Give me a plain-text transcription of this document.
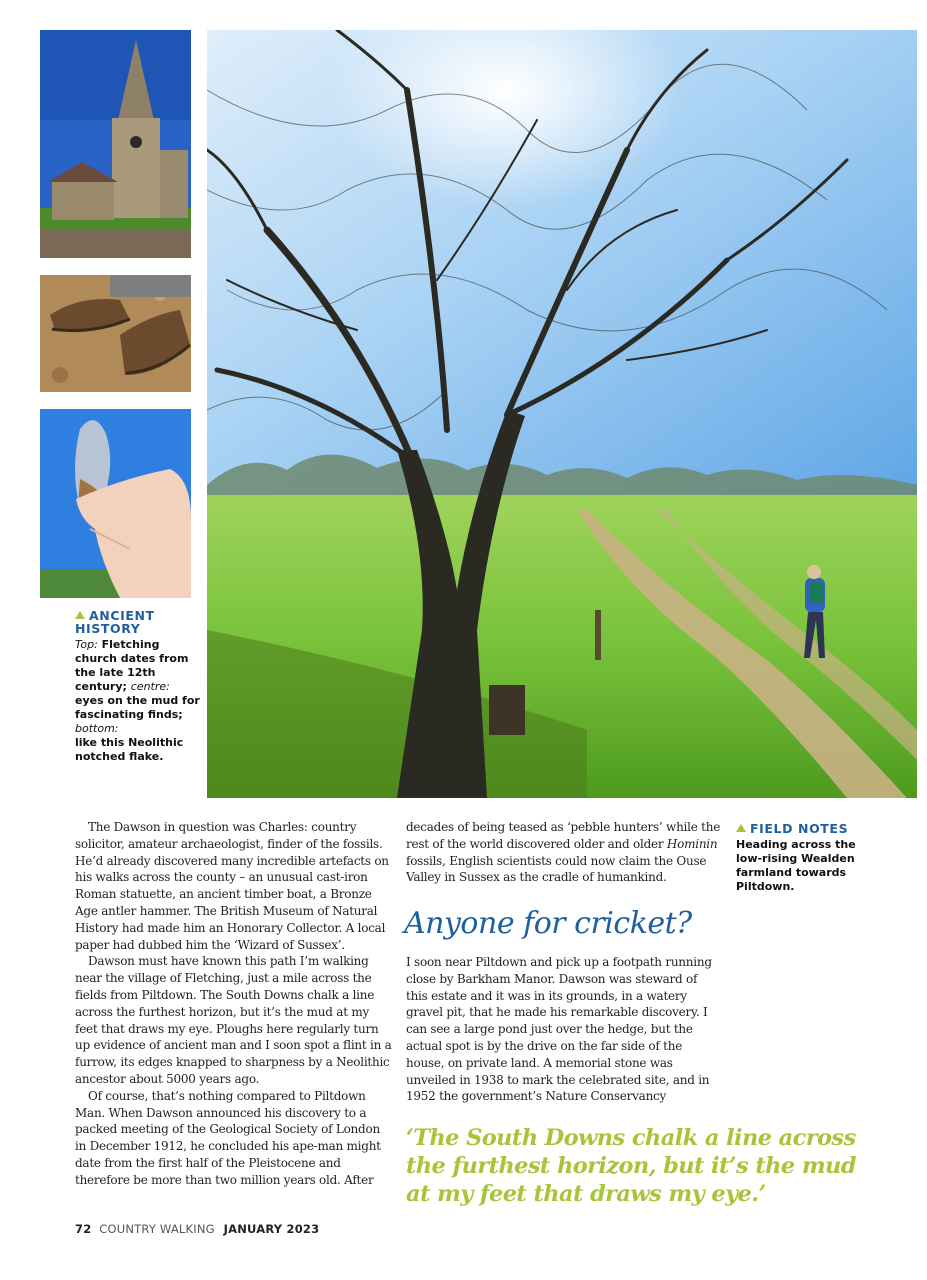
ANCIENT HISTORY
Top: Fletching church dates from the late 12th century; centre: eyes on the mud for fascinating finds; bottom:
like this Neolithic notched flake.

The Dawson in question was Charles: country solicitor, amateur archaeologist, finder of the fossils. He’d already discovered many incredible artefacts on his walks across the county – an unusual cast-iron Roman statuette, an ancient timber boat, a Bronze Age antler hammer. The British Museum of Natural History had made him an Honorary Collector. A local paper had dubbed him the ‘Wizard of Sussex’.

Dawson must have known this path I’m walking near the village of Fletching, just a mile across the fields from Piltdown. The South Downs chalk a line across the furthest horizon, but it’s the mud at my feet that draws my eye. Ploughs here regularly turn up evidence of ancient man and I soon spot a flint in a furrow, its edges knapped to sharpness by a Neolithic ancestor about 5000 years ago.

Of course, that’s nothing compared to Piltdown Man. When Dawson announced his discovery to a packed meeting of the Geological Society of London in December 1912, he concluded his ape-man might date from the first half of the Pleistocene and therefore be more than two million years old. After

decades of being teased as ‘pebble hunters’ while the rest of the world discovered older and older Hominin fossils, English scientists could now claim the Ouse Valley in Sussex as the cradle of humankind.

Anyone for cricket?

I soon near Piltdown and pick up a footpath running close by Barkham Manor. Dawson was steward of this estate and it was in its grounds, in a watery gravel pit, that he made his remarkable discovery. I can see a large pond just over the hedge, but the actual spot is by the drive on the far side of the house, on private land. A memorial stone was unveiled in 1938 to mark the celebrated site, and in 1952 the government’s Nature Conservancy

FIELD NOTES
Heading across the low-rising Wealden farmland towards Piltdown.
‘The South Downs chalk a line across the furthest horizon, but it’s the mud at my feet that draws my eye.’
72 COUNTRY WALKING JANUARY 2023
